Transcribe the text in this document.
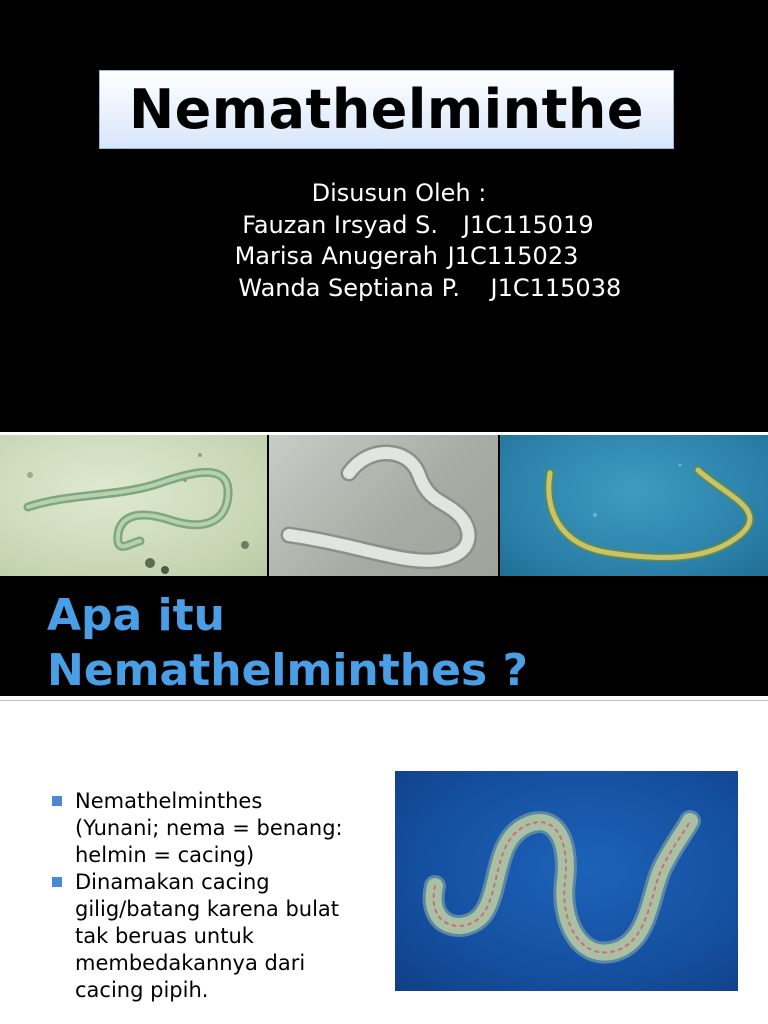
Nemathelminthe
Disusun Oleh :
Fauzan Irsyad S.
J1C115019
Marisa Anugerah
J1C115023
Wanda Septiana P.
J1C115038
Apa itu
Nemathelminthes ?
Nemathelminthes
(Yunani; nema = benang:
helmin = cacing)
Dinamakan cacing
gilig/batang karena bulat
tak beruas untuk
membedakannya dari
cacing pipih.
